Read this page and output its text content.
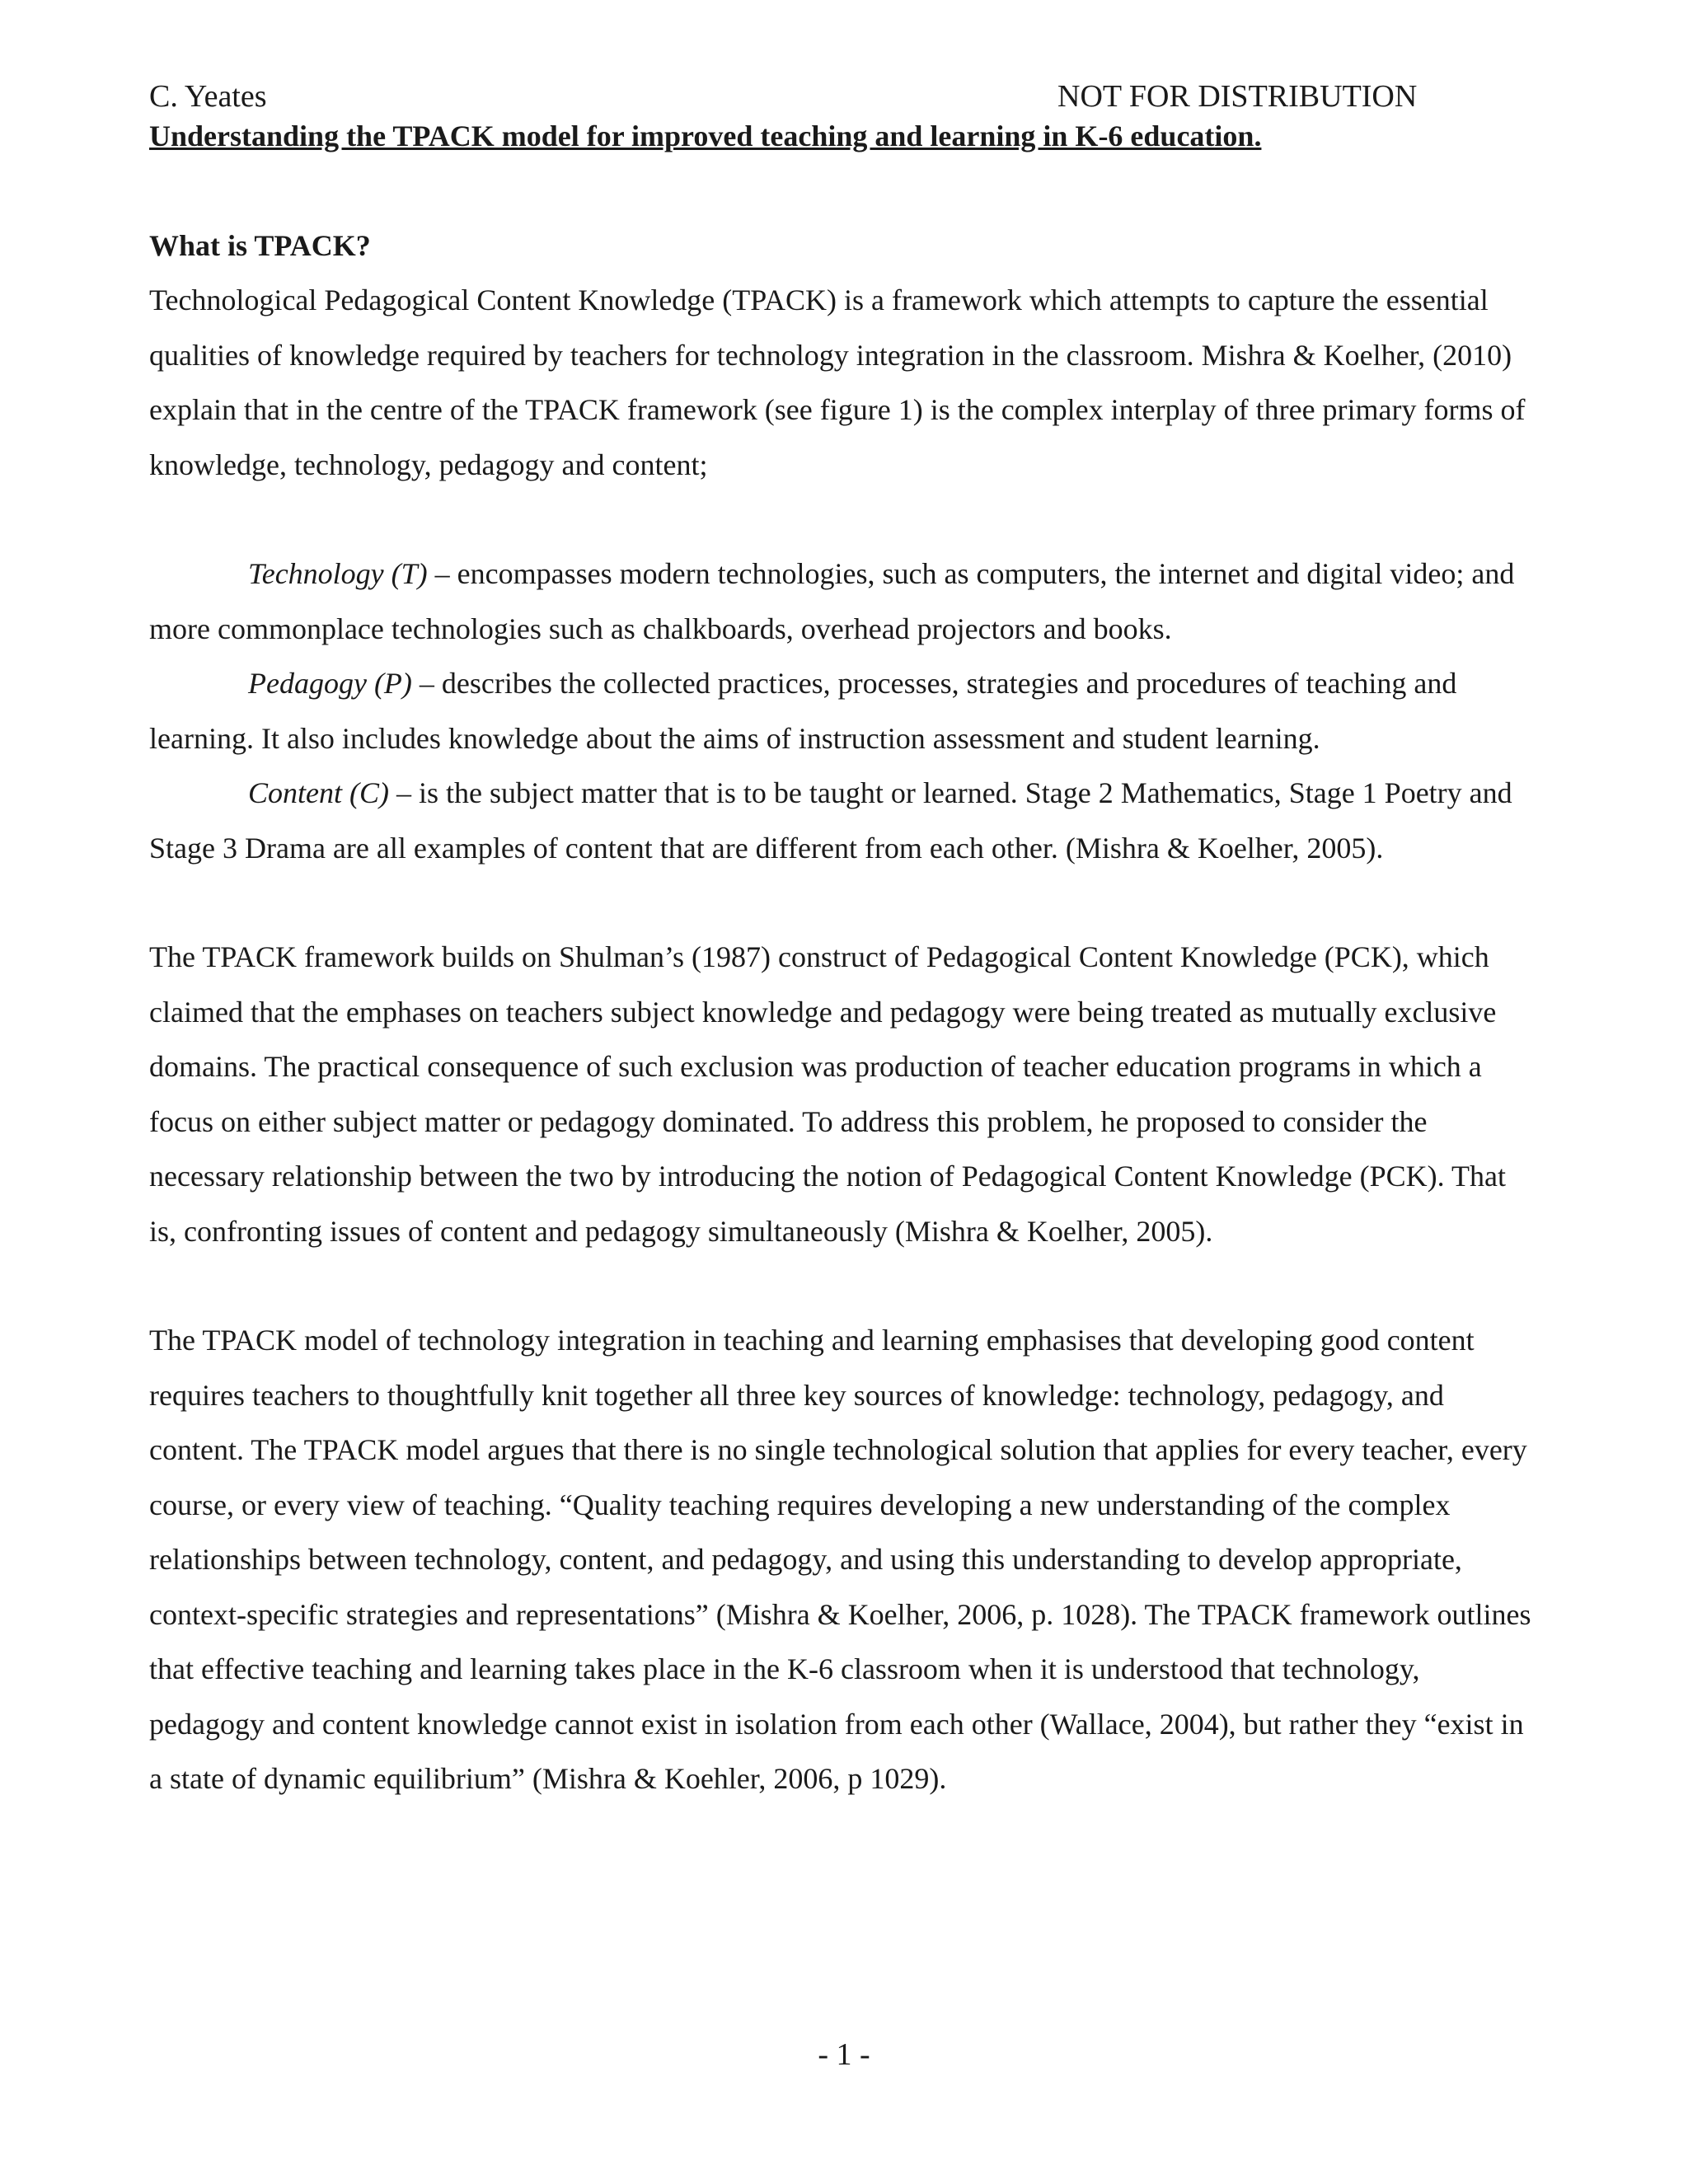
C. Yeates	NOT FOR DISTRIBUTION
Understanding the TPACK model for improved teaching and learning in K-6 education.

What is TPACK?

Technological Pedagogical Content Knowledge (TPACK) is a framework which attempts to capture the essential qualities of knowledge required by teachers for technology integration in the classroom. Mishra & Koelher, (2010) explain that in the centre of the TPACK framework (see figure 1) is the complex interplay of three primary forms of knowledge, technology, pedagogy and content;

Technology (T) – encompasses modern technologies, such as computers, the internet and digital video; and more commonplace technologies such as chalkboards, overhead projectors and books.

Pedagogy (P) – describes the collected practices, processes, strategies and procedures of teaching and learning. It also includes knowledge about the aims of instruction assessment and student learning.

Content (C) – is the subject matter that is to be taught or learned. Stage 2 Mathematics, Stage 1 Poetry and Stage 3 Drama are all examples of content that are different from each other. (Mishra & Koelher, 2005).

The TPACK framework builds on Shulman’s (1987) construct of Pedagogical Content Knowledge (PCK), which claimed that the emphases on teachers subject knowledge and pedagogy were being treated as mutually exclusive domains. The practical consequence of such exclusion was production of teacher education programs in which a focus on either subject matter or pedagogy dominated. To address this problem, he proposed to consider the necessary relationship between the two by introducing the notion of Pedagogical Content Knowledge (PCK). That is, confronting issues of content and pedagogy simultaneously (Mishra & Koelher, 2005).

The TPACK model of technology integration in teaching and learning emphasises that developing good content requires teachers to thoughtfully knit together all three key sources of knowledge: technology, pedagogy, and content. The TPACK model argues that there is no single technological solution that applies for every teacher, every course, or every view of teaching. “Quality teaching requires developing a new understanding of the complex relationships between technology, content, and pedagogy, and using this understanding to develop appropriate, context-specific strategies and representations” (Mishra & Koelher, 2006, p. 1028). The TPACK framework outlines that effective teaching and learning takes place in the K-6 classroom when it is understood that technology, pedagogy and content knowledge cannot exist in isolation from each other (Wallace, 2004), but rather they “exist in a state of dynamic equilibrium” (Mishra & Koehler, 2006, p 1029).

- 1 -
